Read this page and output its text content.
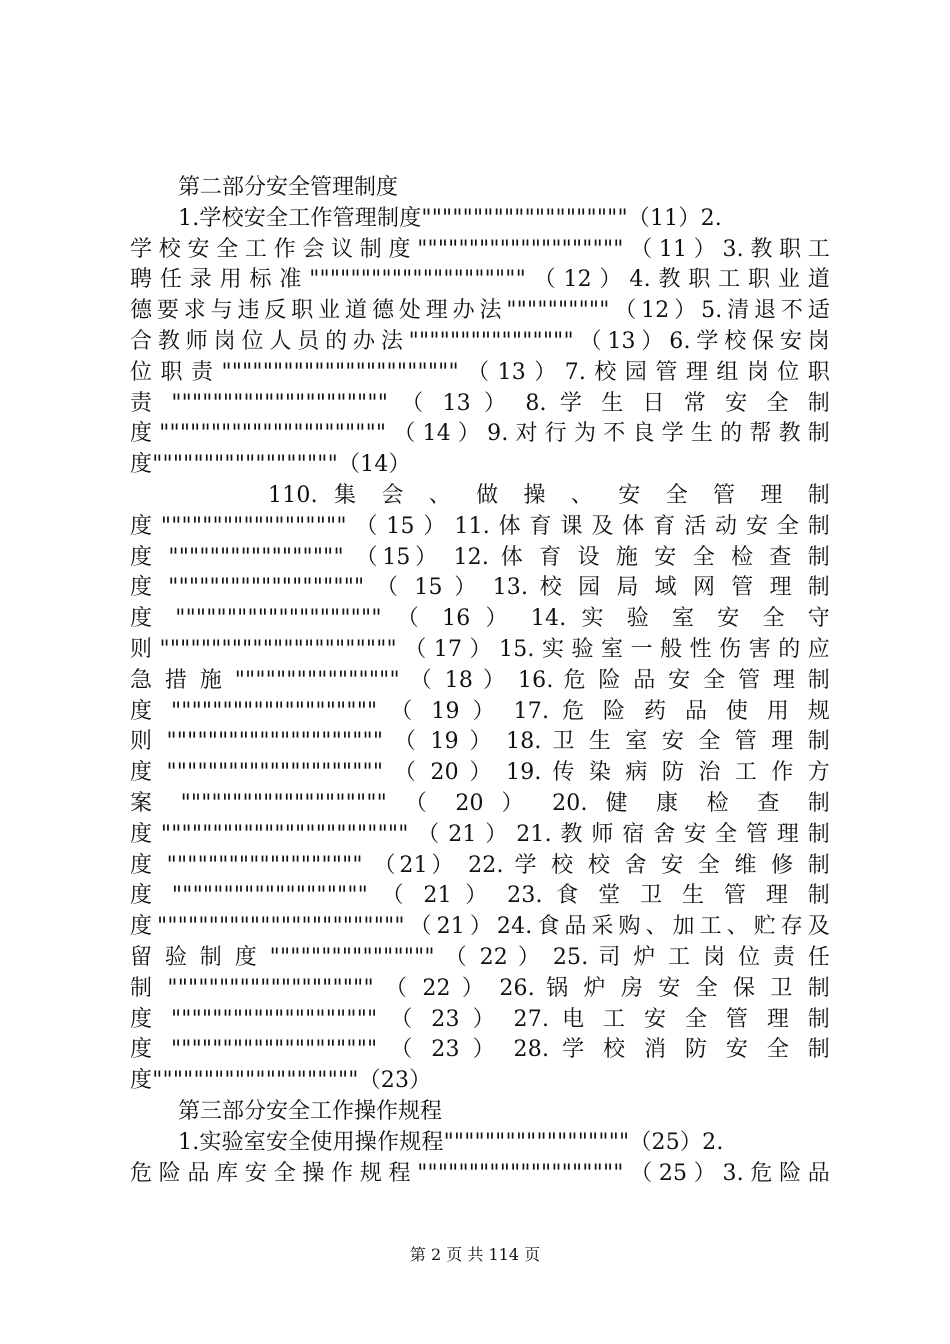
第二部分安全管理制度
1.学校安全工作管理制度""""""""""""""""""""（11）2.
学校安全工作会议制度""""""""""""""""""""（11）3.教职工
聘任录用标准"""""""""""""""""""""（12）4.教职工职业道
德要求与违反职业道德处理办法""""""""""（12）5.清退不适
合教师岗位人员的办法""""""""""""""""（13）6.学校保安岗
位职责"""""""""""""""""""""""（13）7.校园管理组岗位职
责 """"""""""""""""""""" （ 13 ） 8. 学 生 日 常 安 全 制
度""""""""""""""""""""""（14）9.对行为不良学生的帮教制
度""""""""""""""""""（14）
110. 集 会 、 做 操 、 安 全 管 理 制
度""""""""""""""""""（15）11.体育课及体育活动安全制
度 """"""""""""""""" （15） 12. 体 育 设 施 安 全 检 查 制
度 """"""""""""""""""" （ 15 ） 13. 校 园 局 域 网 管 理 制
度 """""""""""""""""""" （ 16 ） 14. 实 验 室 安 全 守
则"""""""""""""""""""""""（17）15.实验室一般性伤害的应
急 措 施 """""""""""""""" （ 18 ） 16. 危 险 品 安 全 管 理 制
度 """""""""""""""""""" （ 19 ） 17. 危 险 药 品 使 用 规
则 """"""""""""""""""""" （ 19 ） 18. 卫 生 室 安 全 管 理 制
度 """"""""""""""""""""" （ 20 ） 19. 传 染 病 防 治 工 作 方
案 """""""""""""""""""" （ 20 ） 20. 健 康 检 查 制
度""""""""""""""""""""""""（21）21.教师宿舍安全管理制
度 """"""""""""""""""" （21） 22. 学 校 校 舍 安 全 维 修 制
度 """"""""""""""""""" （ 21 ） 23. 食 堂 卫 生 管 理 制
度""""""""""""""""""""""""（21）24.食品采购、加工、贮存及
留 验 制 度 """""""""""""""" （ 22 ） 25. 司 炉 工 岗 位 责 任
制 """""""""""""""""""" （ 22 ） 26. 锅 炉 房 安 全 保 卫 制
度 """""""""""""""""""" （ 23 ） 27. 电 工 安 全 管 理 制
度 """""""""""""""""""" （ 23 ） 28. 学 校 消 防 安 全 制
度""""""""""""""""""""（23）
第三部分安全工作操作规程
1.实验室安全使用操作规程""""""""""""""""""（25）2.
危险品库安全操作规程""""""""""""""""""""（25）3.危险品
第 2 页 共 114 页
